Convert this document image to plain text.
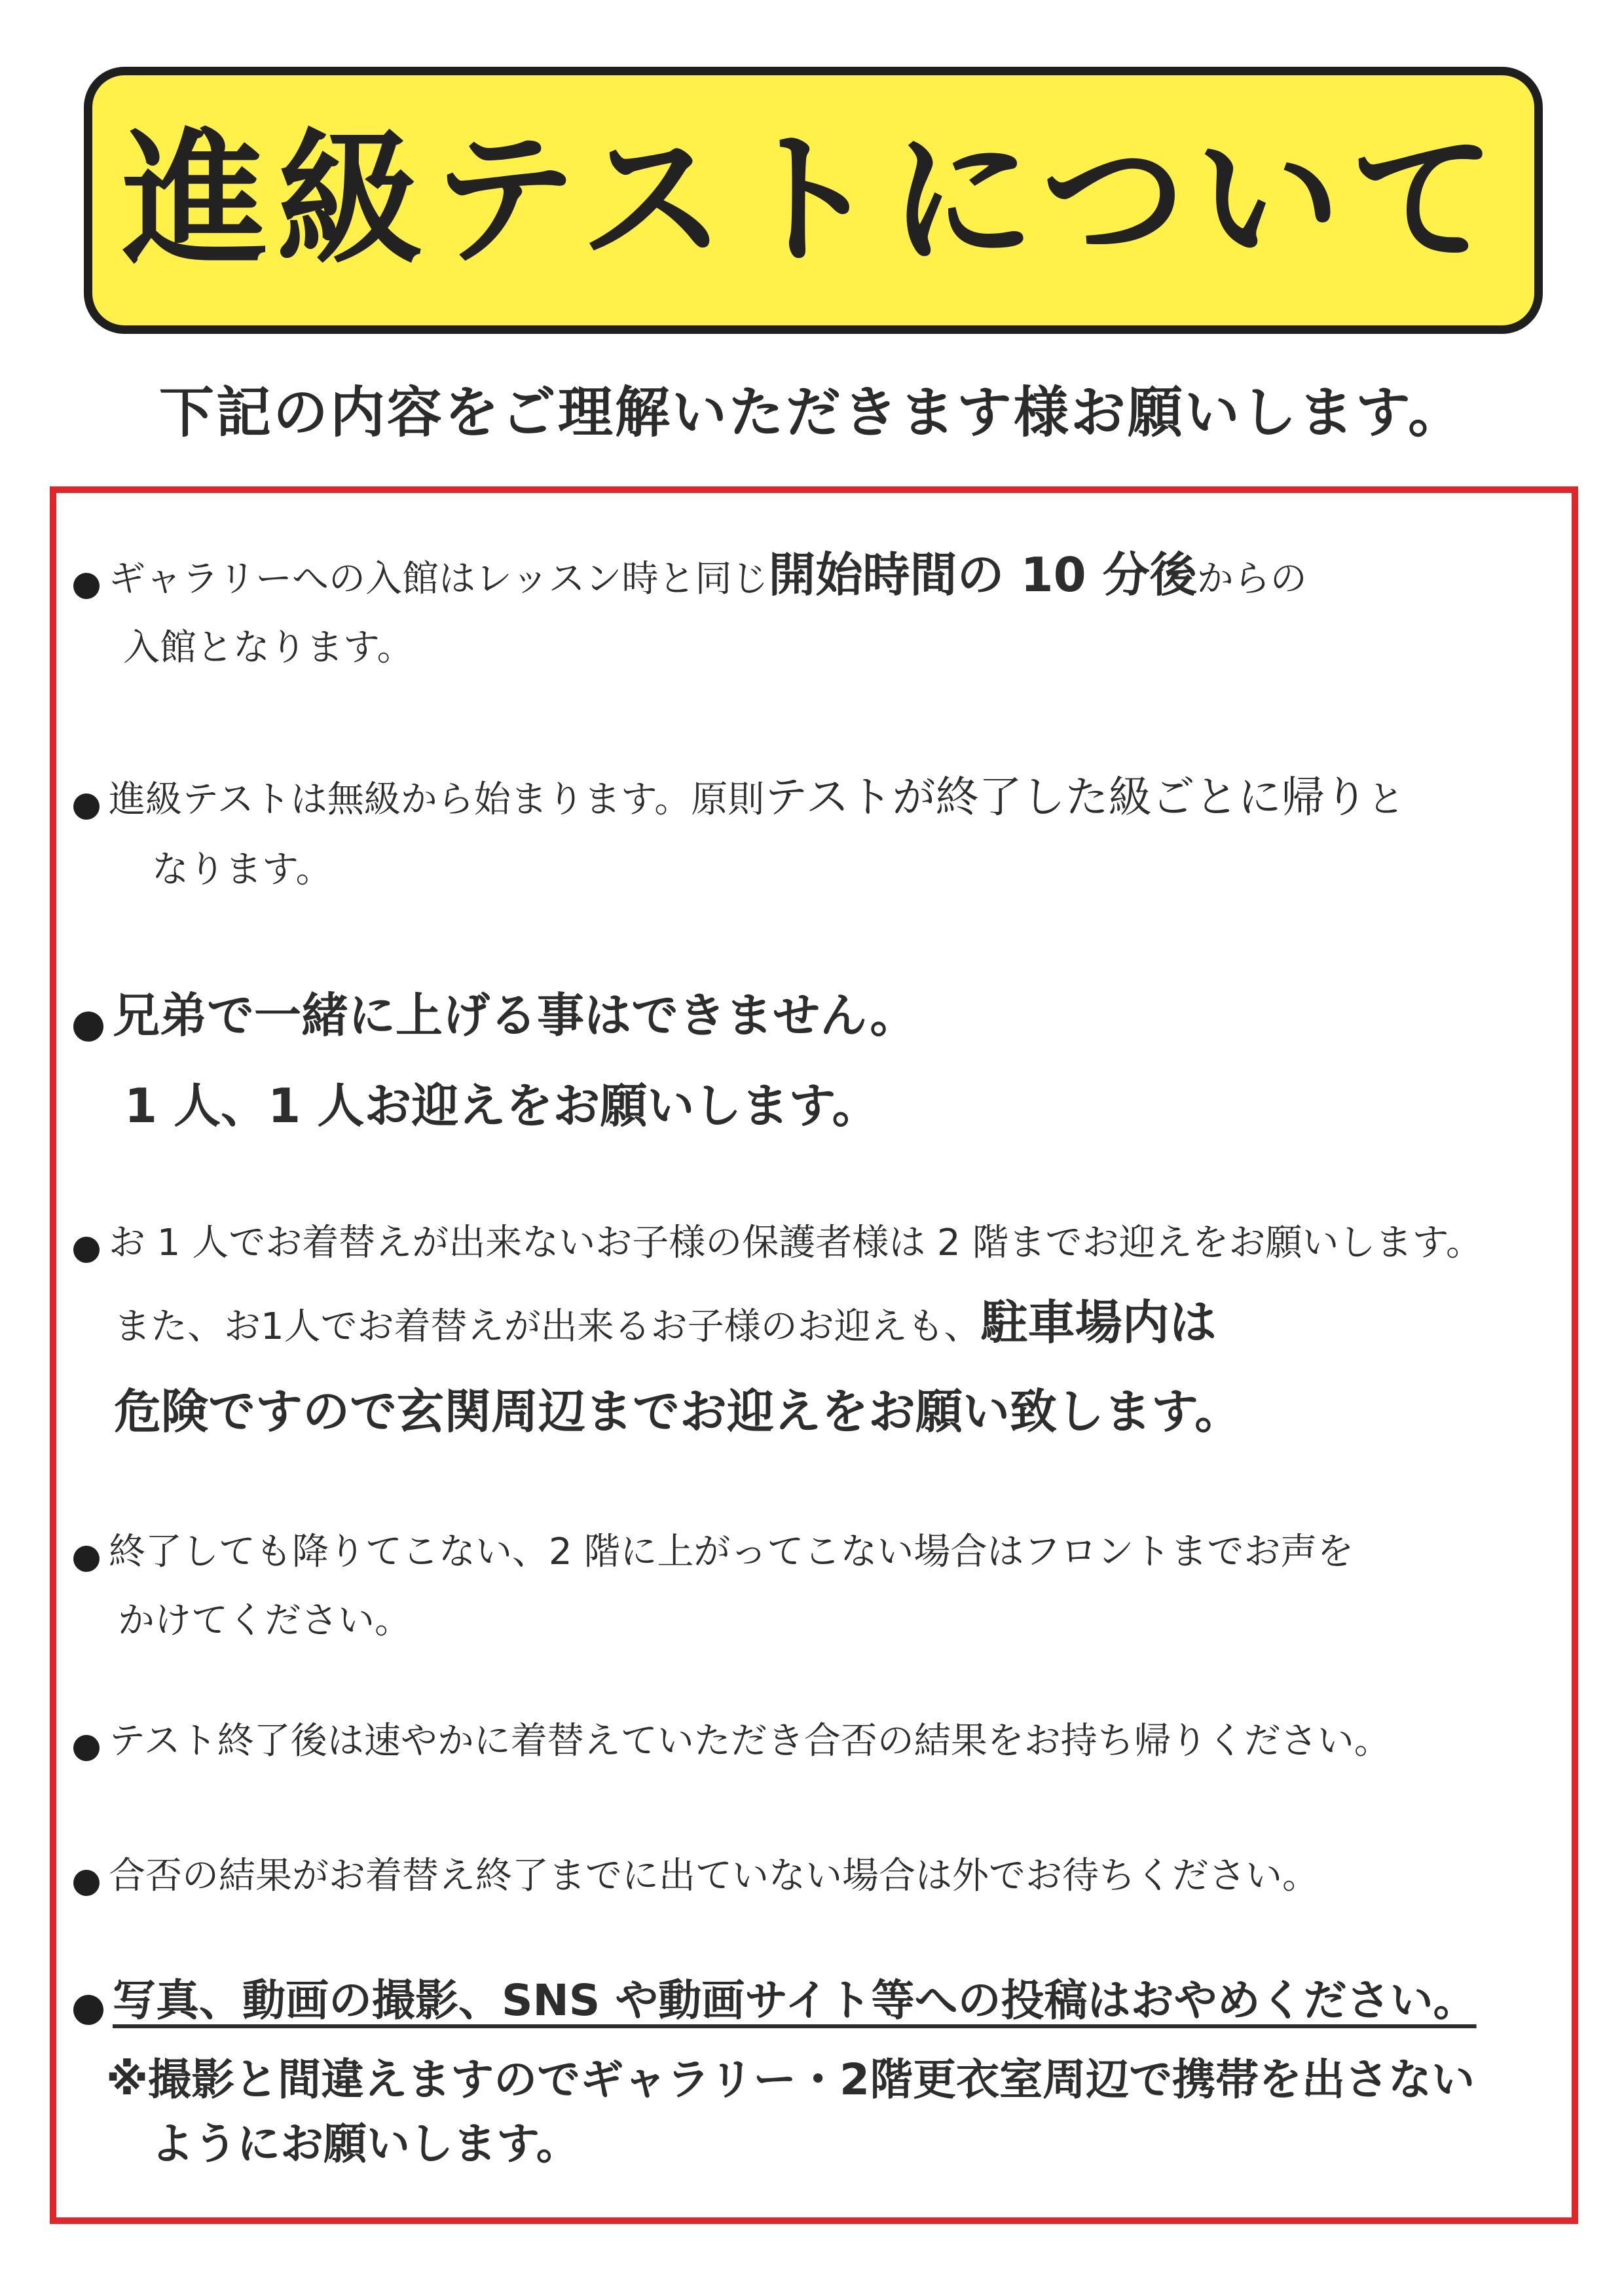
進級テストについて
下記の内容をご理解いただきます様お願いします。
ギャラリーへの入館はレッスン時と同じ開始時間の 10 分後からの
入館となります。
進級テストは無級から始まります。原則テストが終了した級ごとに帰りと
なります。
兄弟で一緒に上げる事はできません。
1 人、1 人お迎えをお願いします。
お 1 人でお着替えが出来ないお子様の保護者様は 2 階までお迎えをお願いします。
また、お1人でお着替えが出来るお子様のお迎えも、駐車場内は
危険ですので玄関周辺までお迎えをお願い致します。
終了しても降りてこない、2 階に上がってこない場合はフロントまでお声を
かけてください。
テスト終了後は速やかに着替えていただき合否の結果をお持ち帰りください。
合否の結果がお着替え終了までに出ていない場合は外でお待ちください。
写真、動画の撮影、SNS や動画サイト等への投稿はおやめください。
※撮影と間違えますのでギャラリー・2階更衣室周辺で携帯を出さない
ようにお願いします。
